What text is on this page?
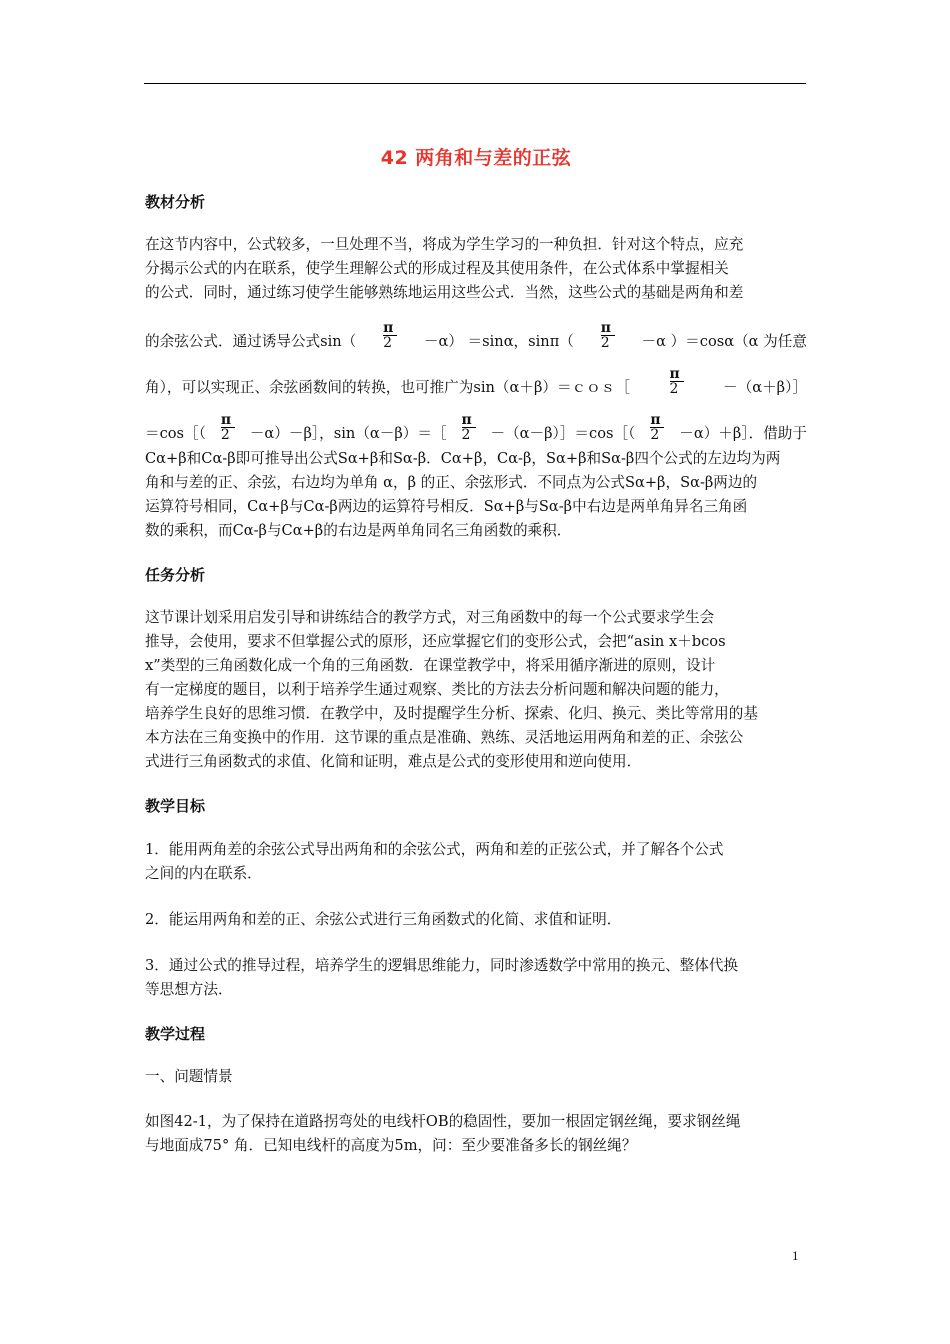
42 两角和与差的正弦
教材分析

在这节内容中，公式较多，一旦处理不当，将成为学生学习的一种负担．针对这个特点，应充

分揭示公式的内在联系，使学生理解公式的形成过程及其使用条件，在公式体系中掌握相关

的公式．同时，通过练习使学生能够熟练地运用这些公式．当然，这些公式的基础是两角和差

的余弦公式．通过诱导公式$\sin( \frac{\pi}{2} -\alpha) =\sin\alpha$，$\sin\pi( \frac{\pi}{2} -\alpha$ ）＝cosα（α 为任意
角），可以实现正、余弦函数间的转换，也可推广为sin（α＋β）＝ｃｏｓ［	$\frac{\pi}{2}$	－（α＋β）］
＝cos［（ $\frac{\pi}{2}$ －α）－β］，sin（α－β）＝［ $\frac{\pi}{2}$ －（α－β）］＝cos［（ $\frac{\pi}{2}$ －α）＋β］．借助于

Cα+β和Cα-β即可推导出公式Sα+β和Sα-β．Cα+β，Cα-β，Sα+β和Sα-β四个公式的左边均为两

角和与差的正、余弦，右边均为单角 α，β 的正、余弦形式．不同点为公式Sα+β，Sα-β两边的

运算符号相同，Cα+β与Cα-β两边的运算符号相反．Sα+β与Sα-β中右边是两单角异名三角函

数的乘积，而Cα-β与Cα+β的右边是两单角同名三角函数的乘积．

任务分析

这节课计划采用启发引导和讲练结合的教学方式，对三角函数中的每一个公式要求学生会

推导，会使用，要求不但掌握公式的原形，还应掌握它们的变形公式，会把“asin x＋bcos

x”类型的三角函数化成一个角的三角函数．在课堂教学中，将采用循序渐进的原则，设计

有一定梯度的题目，以利于培养学生通过观察、类比的方法去分析问题和解决问题的能力，

培养学生良好的思维习惯．在教学中，及时提醒学生分析、探索、化归、换元、类比等常用的基

本方法在三角变换中的作用．这节课的重点是准确、熟练、灵活地运用两角和差的正、余弦公

式进行三角函数式的求值、化简和证明，难点是公式的变形使用和逆向使用．

教学目标

1．能用两角差的余弦公式导出两角和的余弦公式，两角和差的正弦公式，并了解各个公式

之间的内在联系．

2．能运用两角和差的正、余弦公式进行三角函数式的化简、求值和证明．

3．通过公式的推导过程，培养学生的逻辑思维能力，同时渗透数学中常用的换元、整体代换

等思想方法．

教学过程

一、问题情景

如图42-1，为了保持在道路拐弯处的电线杆OB的稳固性，要加一根固定钢丝绳，要求钢丝绳

与地面成75° 角．已知电线杆的高度为5m，问：至少要准备多长的钢丝绳？

1
